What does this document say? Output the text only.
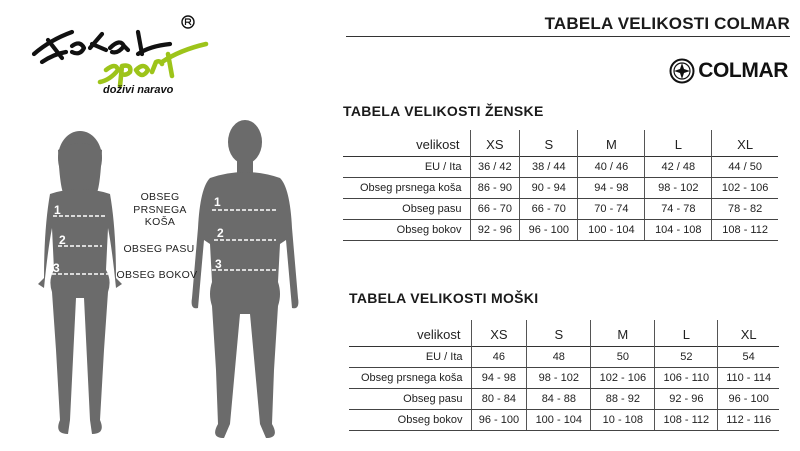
doživi naravo
TABELA VELIKOSTI COLMAR
COLMAR
1
2
3
1
2
3
OBSEG PRSNEGA KOŠA
OBSEG PASU
OBSEG BOKOV
TABELA VELIKOSTI ŽENSKE
velikost	XS	S	M	L	XL
EU / Ita	36 / 42	38 / 44	40 / 46	42 / 48	44 / 50
Obseg prsnega koša	86 - 90	90 - 94	94 - 98	98 - 102	102 - 106
Obseg pasu	66 - 70	66 - 70	70 - 74	74 - 78	78 - 82
Obseg bokov	92 - 96	96 - 100	100 - 104	104 - 108	108 - 112
TABELA VELIKOSTI MOŠKI
velikost	XS	S	M	L	XL
EU / Ita	46	48	50	52	54
Obseg prsnega koša	94 - 98	98 - 102	102 - 106	106 - 110	110 - 114
Obseg pasu	80 - 84	84 - 88	88 - 92	92 - 96	96 - 100
Obseg bokov	96 - 100	100 - 104	10 - 108	108 - 112	112 - 116
